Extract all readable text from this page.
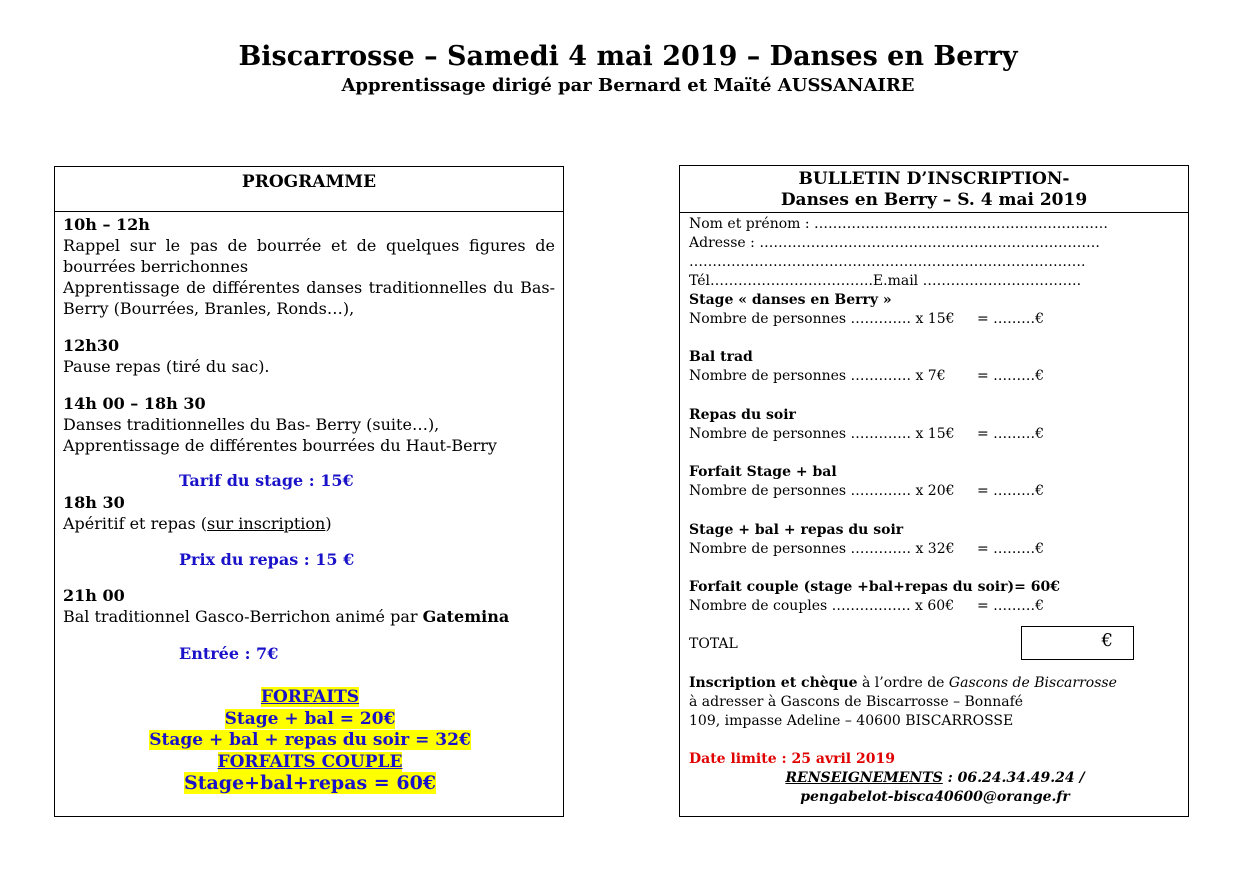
Biscarrosse – Samedi 4 mai 2019 – Danses en Berry
Apprentissage dirigé par Bernard et Maïté AUSSANAIRE
PROGRAMME
10h – 12h
Rappel sur le pas de bourrée et de quelques figures de bourrées berrichonnes
Apprentissage de différentes danses traditionnelles du Bas-Berry (Bourrées, Branles, Ronds…),
12h30
Pause repas (tiré du sac).
14h 00 – 18h 30
Danses traditionnelles du Bas- Berry (suite…),
Apprentissage de différentes bourrées du Haut-Berry
Tarif du stage : 15€
18h 30
Apéritif et repas (sur inscription)
Prix du repas : 15 €
21h 00
Bal traditionnel Gasco-Berrichon animé par Gatemina
Entrée : 7€
FORFAITS
Stage + bal = 20€
Stage + bal + repas du soir = 32€
FORFAITS COUPLE
Stage+bal+repas = 60€
BULLETIN D’INSCRIPTION-
Danses en Berry – S. 4 mai 2019
Nom et prénom : ………………………………………………………
Adresse : ……………………………………………………………….
………………………………………………………………………….
Tél……………………………..E.mail …………………………….
Stage « danses en Berry »
Nombre de personnes …………. x 15€ = ………€
Bal trad
Nombre de personnes …………. x 7€ = ………€
Repas du soir
Nombre de personnes …………. x 15€ = ………€
Forfait Stage + bal
Nombre de personnes …………. x 20€ = ………€
Stage + bal + repas du soir
Nombre de personnes …………. x 32€ = ………€
Forfait couple (stage +bal+repas du soir)= 60€
Nombre de couples ……….……. x 60€ = ………€
TOTAL	€
Inscription et chèque à l’ordre de Gascons de Biscarrosse
à adresser à Gascons de Biscarrosse – Bonnafé
109, impasse Adeline – 40600 BISCARROSSE
Date limite : 25 avril 2019
RENSEIGNEMENTS : 06.24.34.49.24 /
pengabelot-bisca40600@orange.fr
